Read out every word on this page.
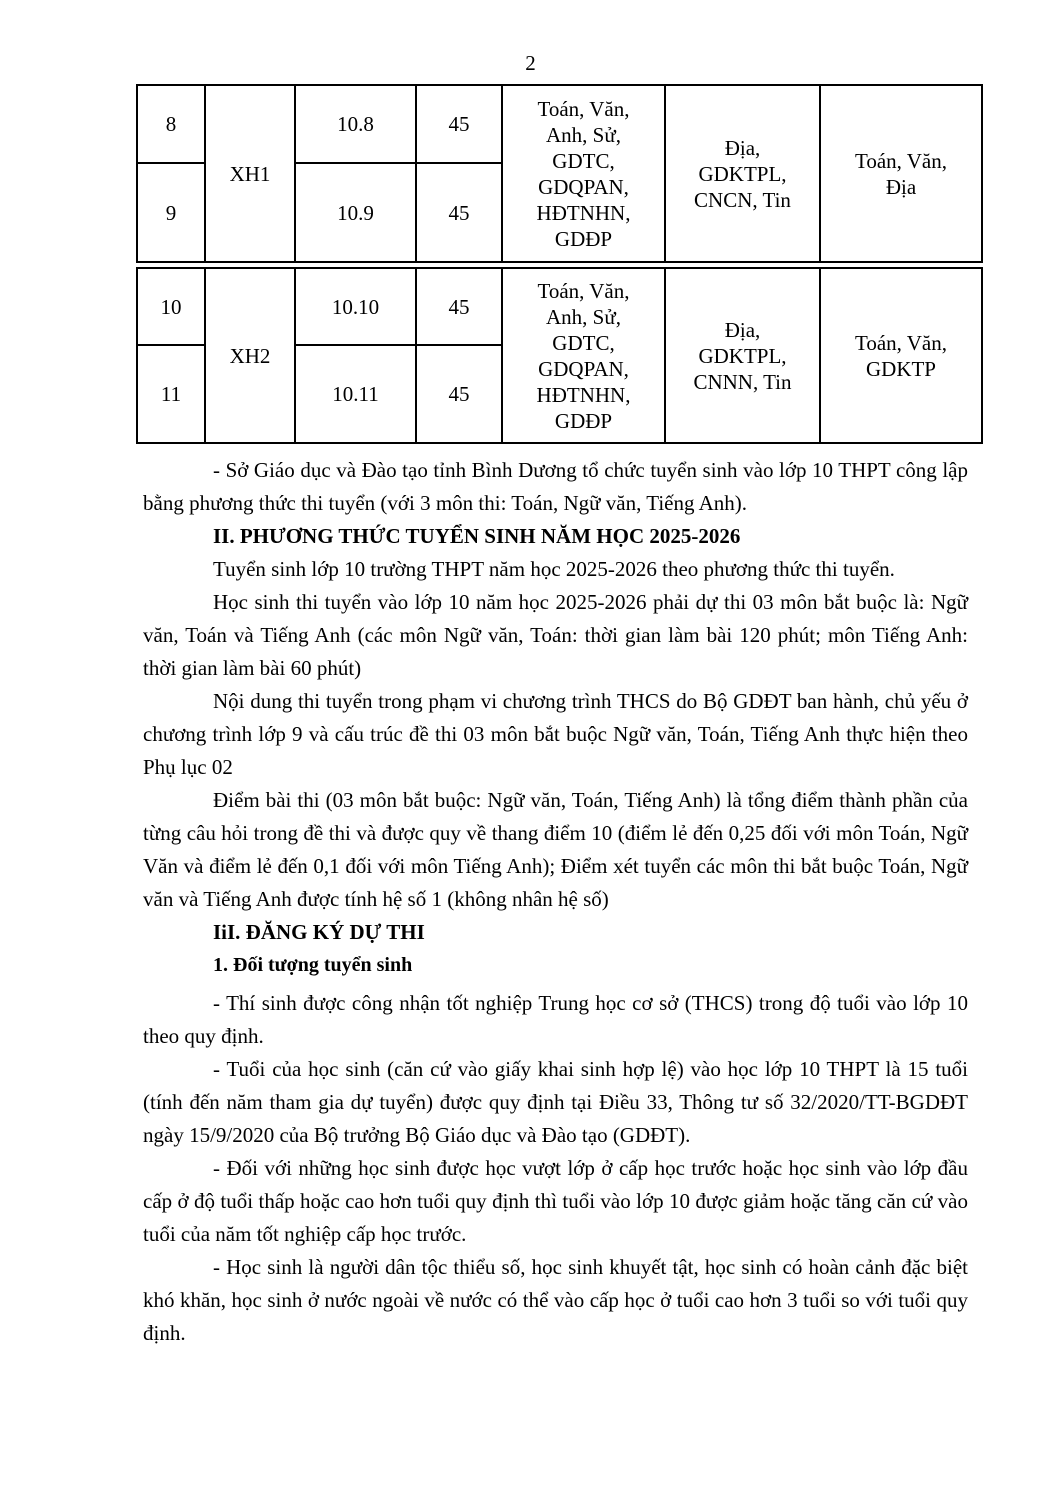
2
8	XH1	10.8	45	Toán, Văn, Anh, Sử, GDTC, GDQPAN, HĐTNHN, GDĐP	Địa, GDKTPL, CNCN, Tin	Toán, Văn, Địa
9		10.9	45			
10	XH2	10.10	45	Toán, Văn, Anh, Sử, GDTC, GDQPAN, HĐTNHN, GDĐP	Địa, GDKTPL, CNNN, Tin	Toán, Văn, GDKTP
11		10.11	45			

- Sở Giáo dục và Đào tạo tỉnh Bình Dương tổ chức tuyển sinh vào lớp 10 THPT công lập bằng phương thức thi tuyển (với 3 môn thi: Toán, Ngữ văn, Tiếng Anh).

II. PHƯƠNG THỨC TUYỂN SINH NĂM HỌC 2025-2026

Tuyển sinh lớp 10 trường THPT năm học 2025-2026 theo phương thức thi tuyển.

Học sinh thi tuyển vào lớp 10 năm học 2025-2026 phải dự thi 03 môn bắt buộc là: Ngữ văn, Toán và Tiếng Anh (các môn Ngữ văn, Toán: thời gian làm bài 120 phút; môn Tiếng Anh: thời gian làm bài 60 phút)

Nội dung thi tuyển trong phạm vi chương trình THCS do Bộ GDĐT ban hành, chủ yếu ở chương trình lớp 9 và cấu trúc đề thi 03 môn bắt buộc Ngữ văn, Toán, Tiếng Anh thực hiện theo Phụ lục 02

Điểm bài thi (03 môn bắt buộc: Ngữ văn, Toán, Tiếng Anh) là tổng điểm thành phần của từng câu hỏi trong đề thi và được quy về thang điểm 10 (điểm lẻ đến 0,25 đối với môn Toán, Ngữ Văn và điểm lẻ đến 0,1 đối với môn Tiếng Anh); Điểm xét tuyển các môn thi bắt buộc Toán, Ngữ văn và Tiếng Anh được tính hệ số 1 (không nhân hệ số)

IiI. ĐĂNG KÝ DỰ THI

1. Đối tượng tuyển sinh

- Thí sinh được công nhận tốt nghiệp Trung học cơ sở (THCS) trong độ tuổi vào lớp 10 theo quy định.

- Tuổi của học sinh (căn cứ vào giấy khai sinh hợp lệ) vào học lớp 10 THPT là 15 tuổi (tính đến năm tham gia dự tuyển) được quy định tại Điều 33, Thông tư số 32/2020/TT-BGDĐT ngày 15/9/2020 của Bộ trưởng Bộ Giáo dục và Đào tạo (GDĐT).

- Đối với những học sinh được học vượt lớp ở cấp học trước hoặc học sinh vào lớp đầu cấp ở độ tuổi thấp hoặc cao hơn tuổi quy định thì tuổi vào lớp 10 được giảm hoặc tăng căn cứ vào tuổi của năm tốt nghiệp cấp học trước.

- Học sinh là người dân tộc thiểu số, học sinh khuyết tật, học sinh có hoàn cảnh đặc biệt khó khăn, học sinh ở nước ngoài về nước có thể vào cấp học ở tuổi cao hơn 3 tuổi so với tuổi quy định.
